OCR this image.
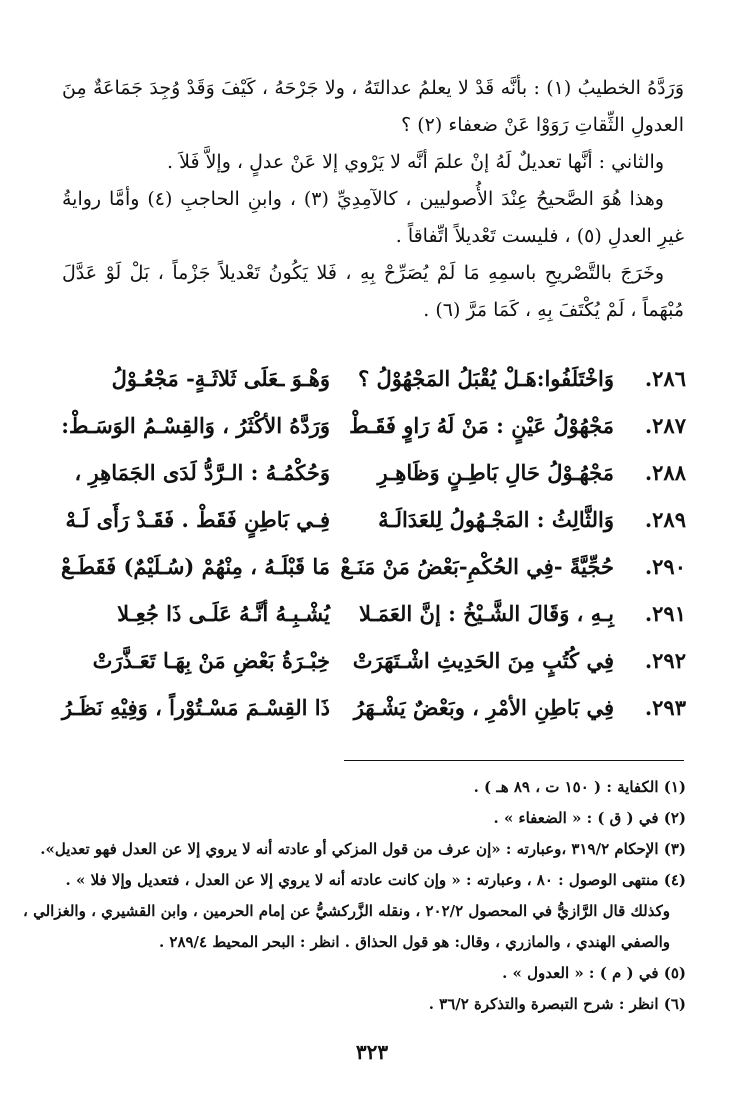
وَرَدَّهُ الخطيبُ (١) : بأنَّه قَدْ لا يعلمُ عدالتَهُ ، ولا جَرْحَهُ ، كَيْفَ وَقَدْ وُجِدَ جَمَاعَةٌ مِنَ العدولِ الثِّقاتِ رَوَوْا عَنْ ضعفاء (٢) ؟

والثاني : أنَّها تعديلٌ لَهُ إنْ علمَ أنَّه لا يَرْوي إلا عَنْ عدلٍ ، وإلاَّ فَلاَ .

وهذا هُوَ الصَّحيحُ عِنْدَ الأُصوليين ، كالآمِدِيِّ (٣) ، وابنِ الحاجبِ (٤) وأمَّا روايةُ غيرِ العدلِ (٥) ، فليست تَعْديلاً اتِّفاقاً .

وخَرَجَ بالتَّصْريحِ باسمِهِ مَا لَمْ يُصَرِّحْ بِهِ ، فَلا يَكُونُ تَعْديلاً جَزْماً ، بَلْ لَوْ عَدَّلَ مُبْهَماً ، لَمْ يُكْتَفَ بِهِ ، كَمَا مَرَّ (٦) .

٢٨٦.
وَاخْتَلَفُوا:هَـلْ يُقْبَلُ المَجْهُوْلُ ؟
وَهْـوَ ـعَلَى ثَلاثَـةٍ- مَجْعُـوْلُ
٢٨٧.
مَجْهُوْلُ عَيْنٍ : مَنْ لَهُ رَاوٍ فَقَـطْ
وَرَدَّهُ الأكْثَرُ ، وَالقِسْـمُ الوَسَـطْ:
٢٨٨.
مَجْهُـوْلُ حَالِ بَاطِـنٍ وَظَاهِـرِ
وَحُكْمُـهُ : الـرَّدُّ لَدَى الجَمَاهِرِ ،
٢٨٩.
وَالثَّالِثُ : المَجْـهُولُ لِلعَدَالَـهْ
فِـي بَاطِنٍ فَقَطْ . فَقَـدْ رَأَى لَـهْ
٢٩٠.
حُجِّيَّةً -فِي الحُكْمِ-بَعْضُ مَنْ مَنَـعْ
مَا قَبْلَـهُ ، مِنْهُمْ (سُـلَيْمٌ) فَقَطَـعْ
٢٩١.
بِـهِ ، وَقَالَ الشَّـيْخُ : إنَّ العَمَـلا
يُشْـبِـهُ أنَّـهُ عَلَـى ذَا جُعِـلا
٢٩٢.
فِي كُتُبٍ مِنَ الحَدِيثِ اشْـتَهَرَتْ
خِبْـرَةُ بَعْضِ مَنْ بِهَـا تَعَـذَّرَتْ
٢٩٣.
فِي بَاطِنِ الأمْرِ ، وبَعْضٌ يَشْـهَرُ
ذَا القِسْـمَ مَسْـتُوْراً ، وَفِيْهِ نَظَـرُ
(١) الكفاية : ( ١٥٠ ت ، ٨٩ هـ ) .
(٢) في ( ق ) : « الضعفاء » .
(٣) الإحكام ٣١٩/٢ ،وعبارته : «إن عرف من قول المزكي أو عادته أنه لا يروي إلا عن العدل فهو تعديل».
(٤) منتهى الوصول : ٨٠ ، وعبارته : « وإن كانت عادته أنه لا يروي إلا عن العدل ، فتعديل وإلا فلا » .
وكذلك قال الرَّازيُّ في المحصول ٢٠٢/٢ ، ونقله الزَّركشيُّ عن إمام الحرمين ، وابن القشيري ، والغزالي ،
والصفي الهندي ، والمازري ، وقال: هو قول الحذاق . انظر : البحر المحيط ٢٨٩/٤ .
(٥) في ( م ) : « العدول » .
(٦) انظر : شرح التبصرة والتذكرة ٣٦/٢ .
٣٢٣
